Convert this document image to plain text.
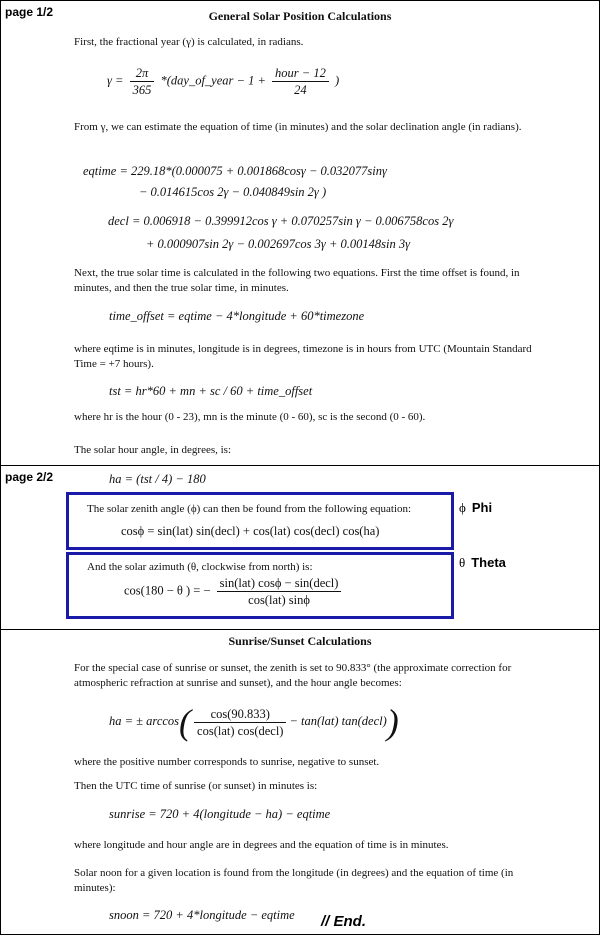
page 1/2	General Solar Position Calculations
First, the fractional year (γ) is calculated, in radians.
$\gamma = \frac{2\pi}{365}$ *(day_of_year − $1 + \frac{\text{hour − 12}}{24}$ )
From γ, we can estimate the equation of time (in minutes) and the solar declination angle (in radians).
eqtime = 229.18*(0.000075 + 0.001868cosγ − 0.032077sinγ
− 0.014615cos 2γ − 0.040849sin 2γ )
decl = 0.006918 − 0.399912cos γ + 0.070257sin γ − 0.006758cos 2γ
+ 0.000907sin 2γ − 0.002697cos 3γ + 0.00148sin 3γ
Next, the true solar time is calculated in the following two equations. First the time offset is found, in minutes, and then the true solar time, in minutes.
time_offset = eqtime − 4*longitude + 60*timezone
where eqtime is in minutes, longitude is in degrees, timezone is in hours from UTC (Mountain Standard Time = +7 hours).
tst = hr*60 + mn + sc / 60 + time_offset
where hr is the hour (0 - 23), mn is the minute (0 - 60), sc is the second (0 - 60).
The solar hour angle, in degrees, is:
page 2/2	ha = (tst / 4) − 180
The solar zenith angle (ϕ) can then be found from the following equation:
cosϕ = sin(lat) sin(decl) + cos(lat) cos(decl) cos(ha)
ϕ Phi
And the solar azimuth (θ, clockwise from north) is:
cos(180 − θ ) = − $\frac{\text{sin(lat) cosϕ − sin(decl)}}{\text{cos(lat) sinϕ}}$
θ Theta
Sunrise/Sunset Calculations
For the special case of sunrise or sunset, the zenith is set to 90.833° (the approximate correction for atmospheric refraction at sunrise and sunset), and the hour angle becomes:
ha = ± $\arccos( \frac{\cos(90.833)}{\text{cos(lat) cos(decl)}} - \tan(lat)$ tan(decl))
where the positive number corresponds to sunrise, negative to sunset.
Then the UTC time of sunrise (or sunset) in minutes is:
sunrise = 720 + 4(longitude − ha) − eqtime
where longitude and hour angle are in degrees and the equation of time is in minutes.
Solar noon for a given location is found from the longitude (in degrees) and the equation of time (in minutes):
snoon = 720 + 4*longitude − eqtime // End.
